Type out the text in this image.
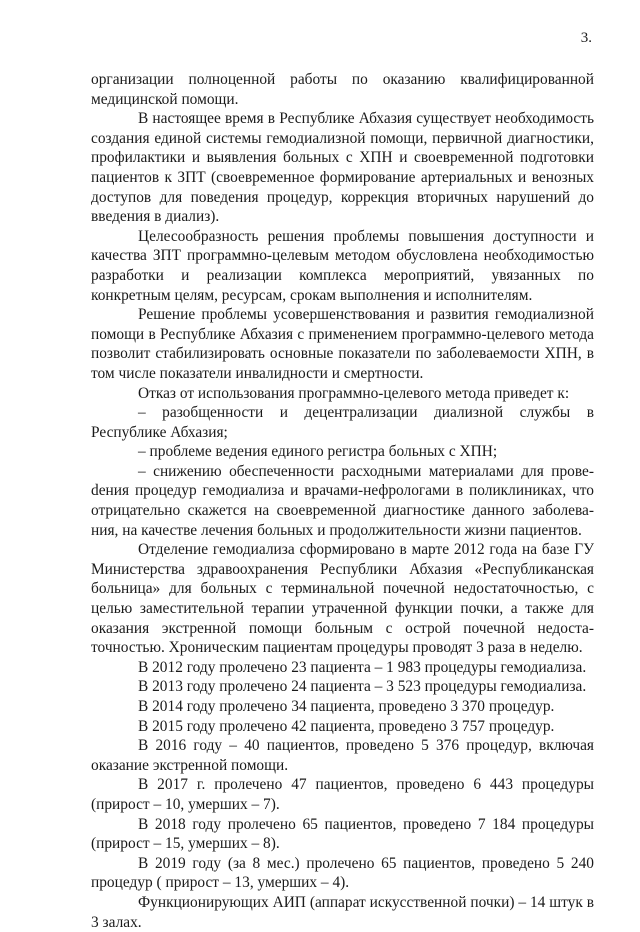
3.

организации полноценной работы по оказанию квалифицированной медицинской помощи.

В настоящее время в Республике Абхазия существует необходимость создания единой системы гемодиализной помощи, первичной диагностики, профилактики и выявления больных с ХПН и своевременной подготовки пациентов к ЗПТ (своевременное формирование артериальных и венозных доступов для поведения процедур, коррекция вторичных нарушений до введения в диализ).

Целесообразность решения проблемы повышения доступности и качества ЗПТ программно-целевым методом обусловлена необходимостью разработки и реализации комплекса мероприятий, увязанных по конкретным целям, ресурсам, срокам выполнения и исполнителям.

Решение проблемы усовершенствования и развития гемодиализной помощи в Республике Абхазия с применением программно-целевого метода позволит стабилизировать основные показатели по заболеваемости ХПН, в том числе показатели инвалидности и смертности.

Отказ от использования программно-целевого метода приведет к:

– разобщенности и децентрализации диализной службы в Республике Абхазия;

– проблеме ведения единого регистра больных с ХПН;

– снижению обеспеченности расходными материалами для провеdения процедур гемодиализа и врачами-нефрологами в поликлиниках, что отрицательно скажется на своевременной диагностике данного заболевания, на качестве лечения больных и продолжительности жизни пациентов.

Отделение гемодиализа сформировано в марте 2012 года на базе ГУ Министерства здравоохранения Республики Абхазия «Республиканская больница» для больных с терминальной почечной недостаточностью, с целью заместительной терапии утраченной функции почки, а также для оказания экстренной помощи больным с острой почечной недостаточностью. Хроническим пациентам процедуры проводят 3 раза в неделю.

В 2012 году пролечено 23 пациента – 1 983 процедуры гемодиализа.

В 2013 году пролечено 24 пациента – 3 523 процедуры гемодиализа.

В 2014 году пролечено 34 пациента, проведено 3 370 процедур.

В 2015 году пролечено 42 пациента, проведено 3 757 процедур.

В 2016 году – 40 пациентов, проведено 5 376 процедур, включая оказание экстренной помощи.

В 2017 г. пролечено 47 пациентов, проведено 6 443 процедуры (прирост – 10, умерших – 7).

В 2018 году пролечено 65 пациентов, проведено 7 184 процедуры (прирост – 15, умерших – 8).

В 2019 году (за 8 мес.) пролечено 65 пациентов, проведено 5 240 процедур ( прирост – 13, умерших – 4).

Функционирующих АИП (аппарат искусственной почки) – 14 штук в 3 залах.
